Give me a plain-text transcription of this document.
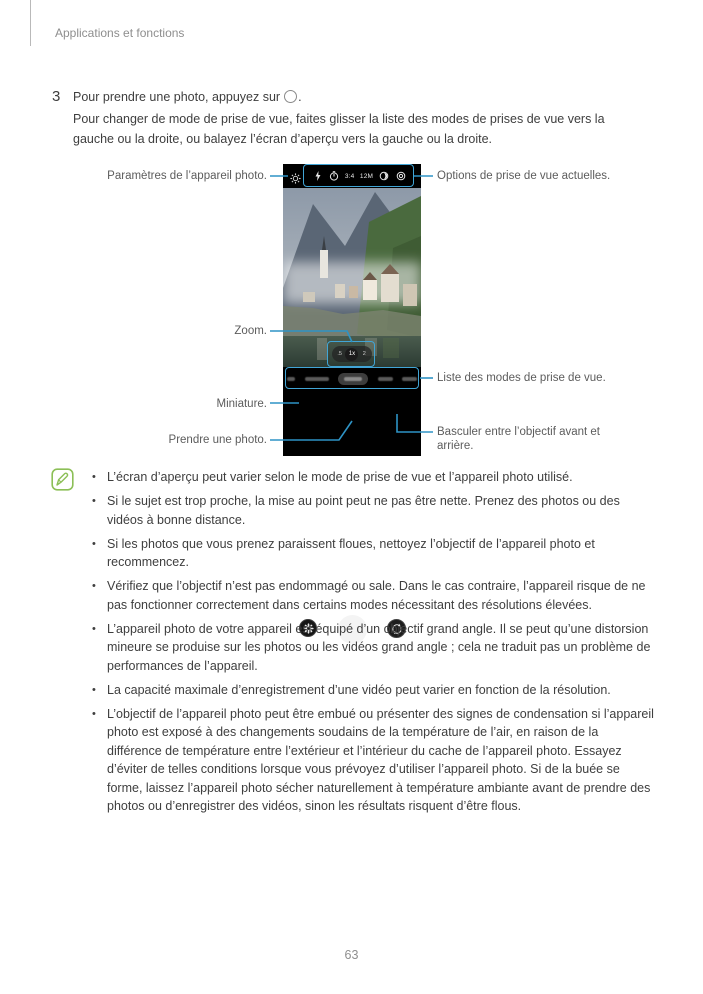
Applications et fonctions
3 Pour prendre une photo, appuyez sur .
Pour changer de mode de prise de vue, faites glisser la liste des modes de prises de vue vers la gauche ou la droite, ou balayez l’écran d’aperçu vers la gauche ou la droite.
3:4 12M
.5	1x	2
Paramètres de l’appareil photo.	Options de prise de vue actuelles.
Zoom.
Liste des modes de prise de vue.
Miniature.
Prendre une photo.
Basculer entre l’objectif avant et
arrière.
• L’écran d’aperçu peut varier selon le mode de prise de vue et l’appareil photo utilisé.
• Si le sujet est trop proche, la mise au point peut ne pas être nette. Prenez des photos ou des vidéos à bonne distance.
• Si les photos que vous prenez paraissent floues, nettoyez l’objectif de l’appareil photo et recommencez.
• Vérifiez que l’objectif n’est pas endommagé ou sale. Dans le cas contraire, l’appareil risque de ne pas fonctionner correctement dans certains modes nécessitant des résolutions élevées.
• L’appareil photo de votre appareil est équipé d’un objectif grand angle. Il se peut qu’une distorsion mineure se produise sur les photos ou les vidéos grand angle ; cela ne traduit pas un problème de performances de l’appareil.
• La capacité maximale d’enregistrement d’une vidéo peut varier en fonction de la résolution.
• L’objectif de l’appareil photo peut être embué ou présenter des signes de condensation si l’appareil photo est exposé à des changements soudains de la température de l’air, en raison de la différence de température entre l’extérieur et l’intérieur du cache de l’appareil photo. Essayez d’éviter de telles conditions lorsque vous prévoyez d’utiliser l’appareil photo. Si de la buée se forme, laissez l’appareil photo sécher naturellement à température ambiante avant de prendre des photos ou d’enregistrer des vidéos, sinon les résultats risquent d’être flous.
63
